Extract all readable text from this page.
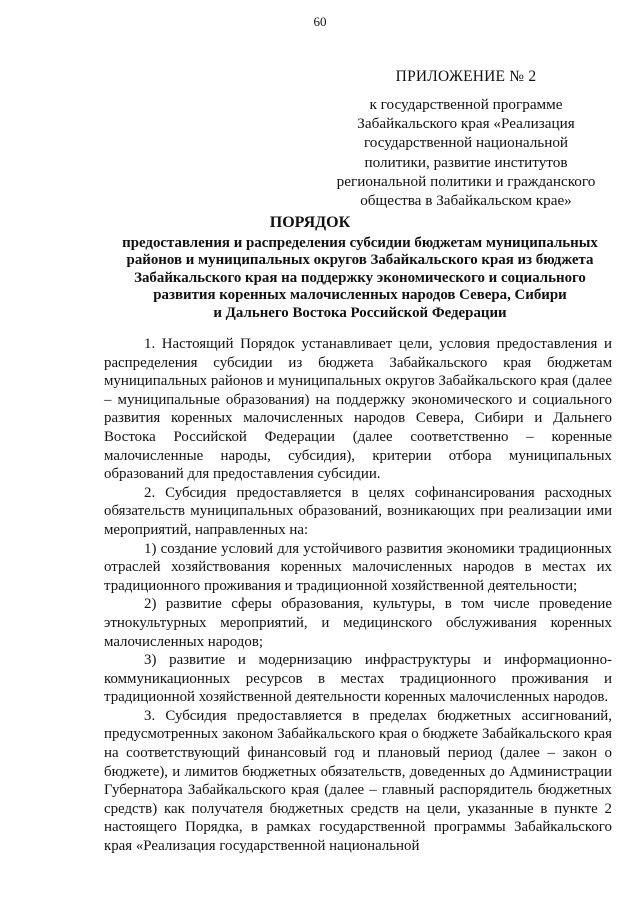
60
ПРИЛОЖЕНИЕ № 2
к государственной программе
Забайкальского края «Реализация
государственной национальной
политики, развитие институтов
региональной политики и гражданского
общества в Забайкальском крае»
ПОРЯДОК
предоставления и распределения субсидии бюджетам муниципальных
районов и муниципальных округов Забайкальского края из бюджета
Забайкальского края на поддержку экономического и социального
развития коренных малочисленных народов Севера, Сибири
и Дальнего Востока Российской Федерации

1. Настоящий Порядок устанавливает цели, условия предоставления и распределения субсидии из бюджета Забайкальского края бюджетам муниципальных районов и муниципальных округов Забайкальского края (далее – муниципальные образования) на поддержку экономического и социального развития коренных малочисленных народов Севера, Сибири и Дальнего Востока Российской Федерации (далее соответственно – коренные малочисленные народы, субсидия), критерии отбора муниципальных образований для предоставления субсидии.

2. Субсидия предоставляется в целях софинансирования расходных обязательств муниципальных образований, возникающих при реализации ими мероприятий, направленных на:

1) создание условий для устойчивого развития экономики традиционных отраслей хозяйствования коренных малочисленных народов в местах их традиционного проживания и традиционной хозяйственной деятельности;

2) развитие сферы образования, культуры, в том числе проведение этнокультурных мероприятий, и медицинского обслуживания коренных малочисленных народов;

3) развитие и модернизацию инфраструктуры и информационно-коммуникационных ресурсов в местах традиционного проживания и традиционной хозяйственной деятельности коренных малочисленных народов.

3. Субсидия предоставляется в пределах бюджетных ассигнований, предусмотренных законом Забайкальского края о бюджете Забайкальского края на соответствующий финансовый год и плановый период (далее – закон о бюджете), и лимитов бюджетных обязательств, доведенных до Администрации Губернатора Забайкальского края (далее – главный распорядитель бюджетных средств) как получателя бюджетных средств на цели, указанные в пункте 2 настоящего Порядка, в рамках государственной программы Забайкальского края «Реализация государственной национальной
